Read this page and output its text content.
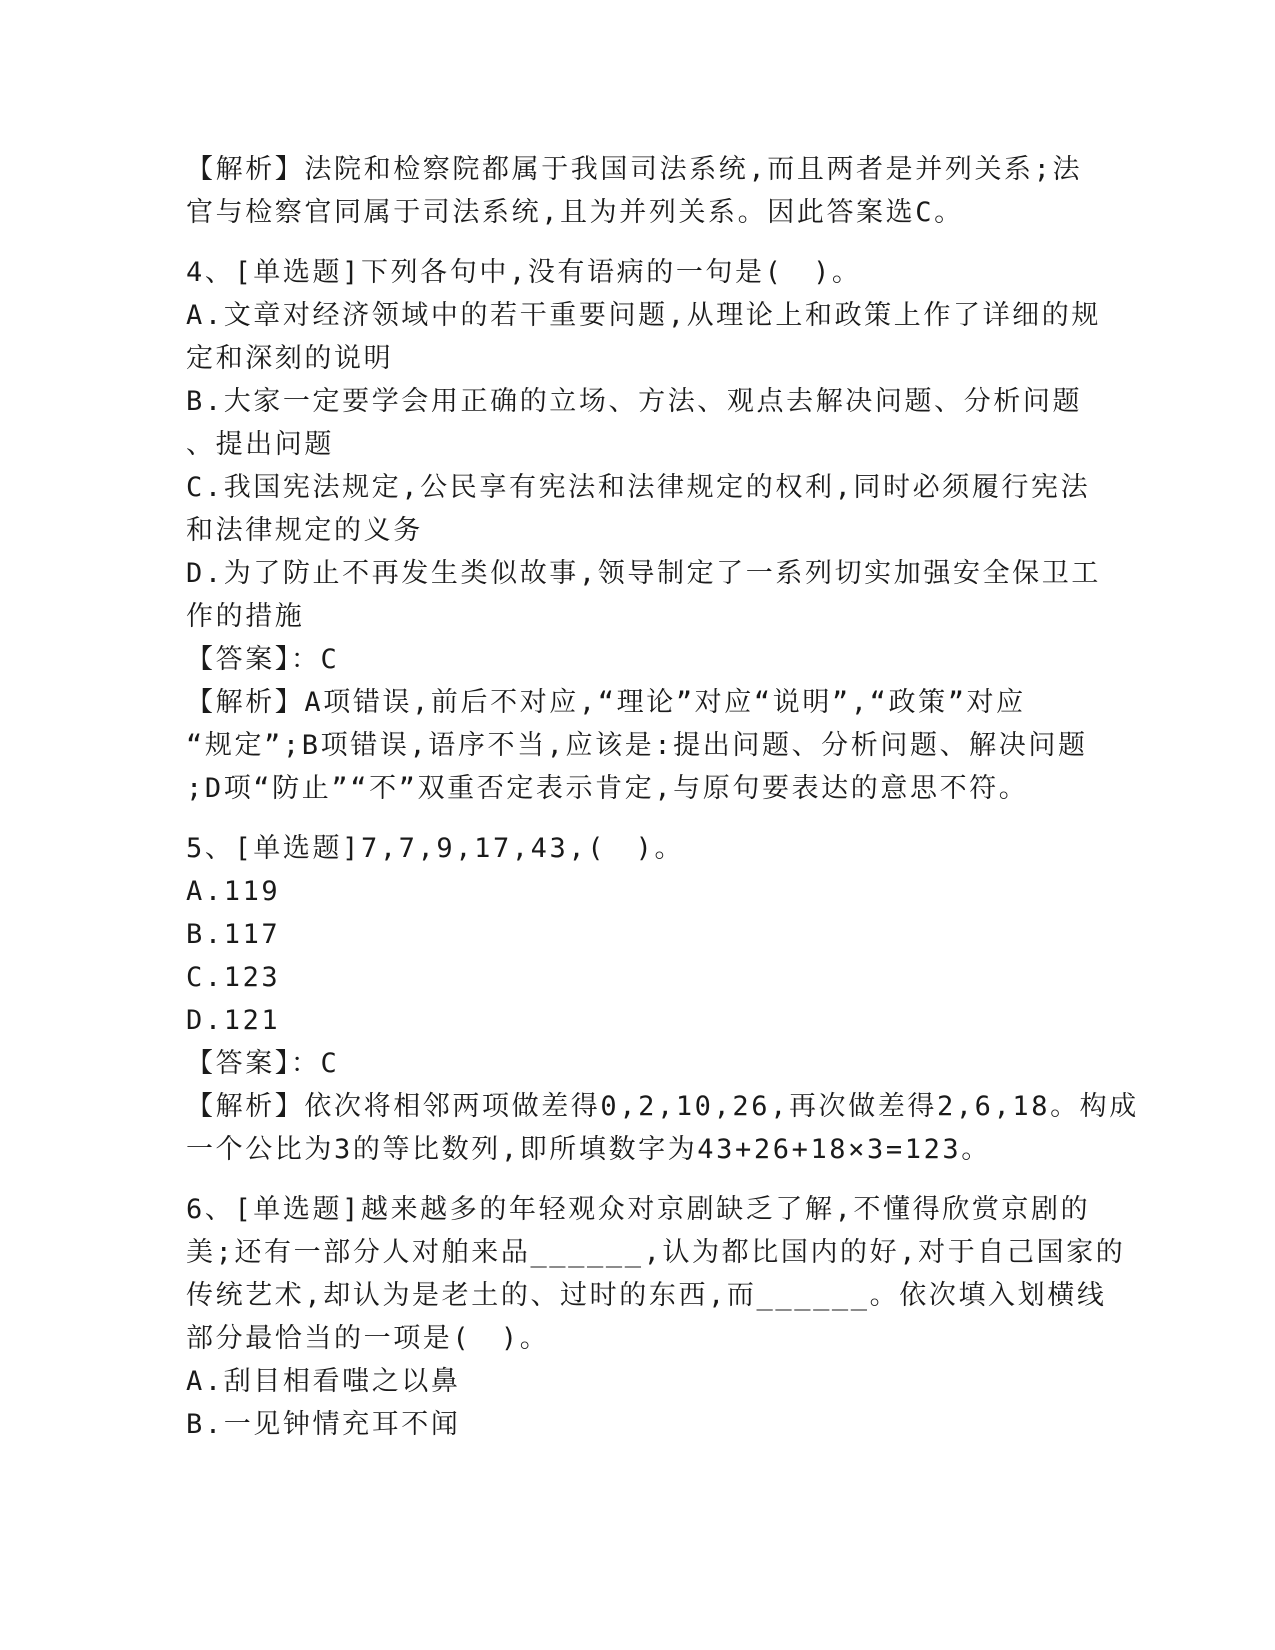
【解析】法院和检察院都属于我国司法系统,而且两者是并列关系;法
官与检察官同属于司法系统,且为并列关系。因此答案选C。
4、[单选题]下列各句中,没有语病的一句是(　)。
A.文章对经济领域中的若干重要问题,从理论上和政策上作了详细的规
定和深刻的说明
B.大家一定要学会用正确的立场、方法、观点去解决问题、分析问题
、提出问题
C.我国宪法规定,公民享有宪法和法律规定的权利,同时必须履行宪法
和法律规定的义务
D.为了防止不再发生类似故事,领导制定了一系列切实加强安全保卫工
作的措施
【答案】：C
【解析】A项错误,前后不对应,“理论”对应“说明”,“政策”对应
“规定”;B项错误,语序不当,应该是:提出问题、分析问题、解决问题
;D项“防止”“不”双重否定表示肯定,与原句要表达的意思不符。
5、[单选题]7,7,9,17,43,(　)。
A.119
B.117
C.123
D.121
【答案】：C
【解析】依次将相邻两项做差得0,2,10,26,再次做差得2,6,18。构成
一个公比为3的等比数列,即所填数字为43+26+18×3=123。
6、[单选题]越来越多的年轻观众对京剧缺乏了解,不懂得欣赏京剧的
美;还有一部分人对舶来品______,认为都比国内的好,对于自己国家的
传统艺术,却认为是老土的、过时的东西,而______。依次填入划横线
部分最恰当的一项是(　)。
A.刮目相看嗤之以鼻
B.一见钟情充耳不闻
